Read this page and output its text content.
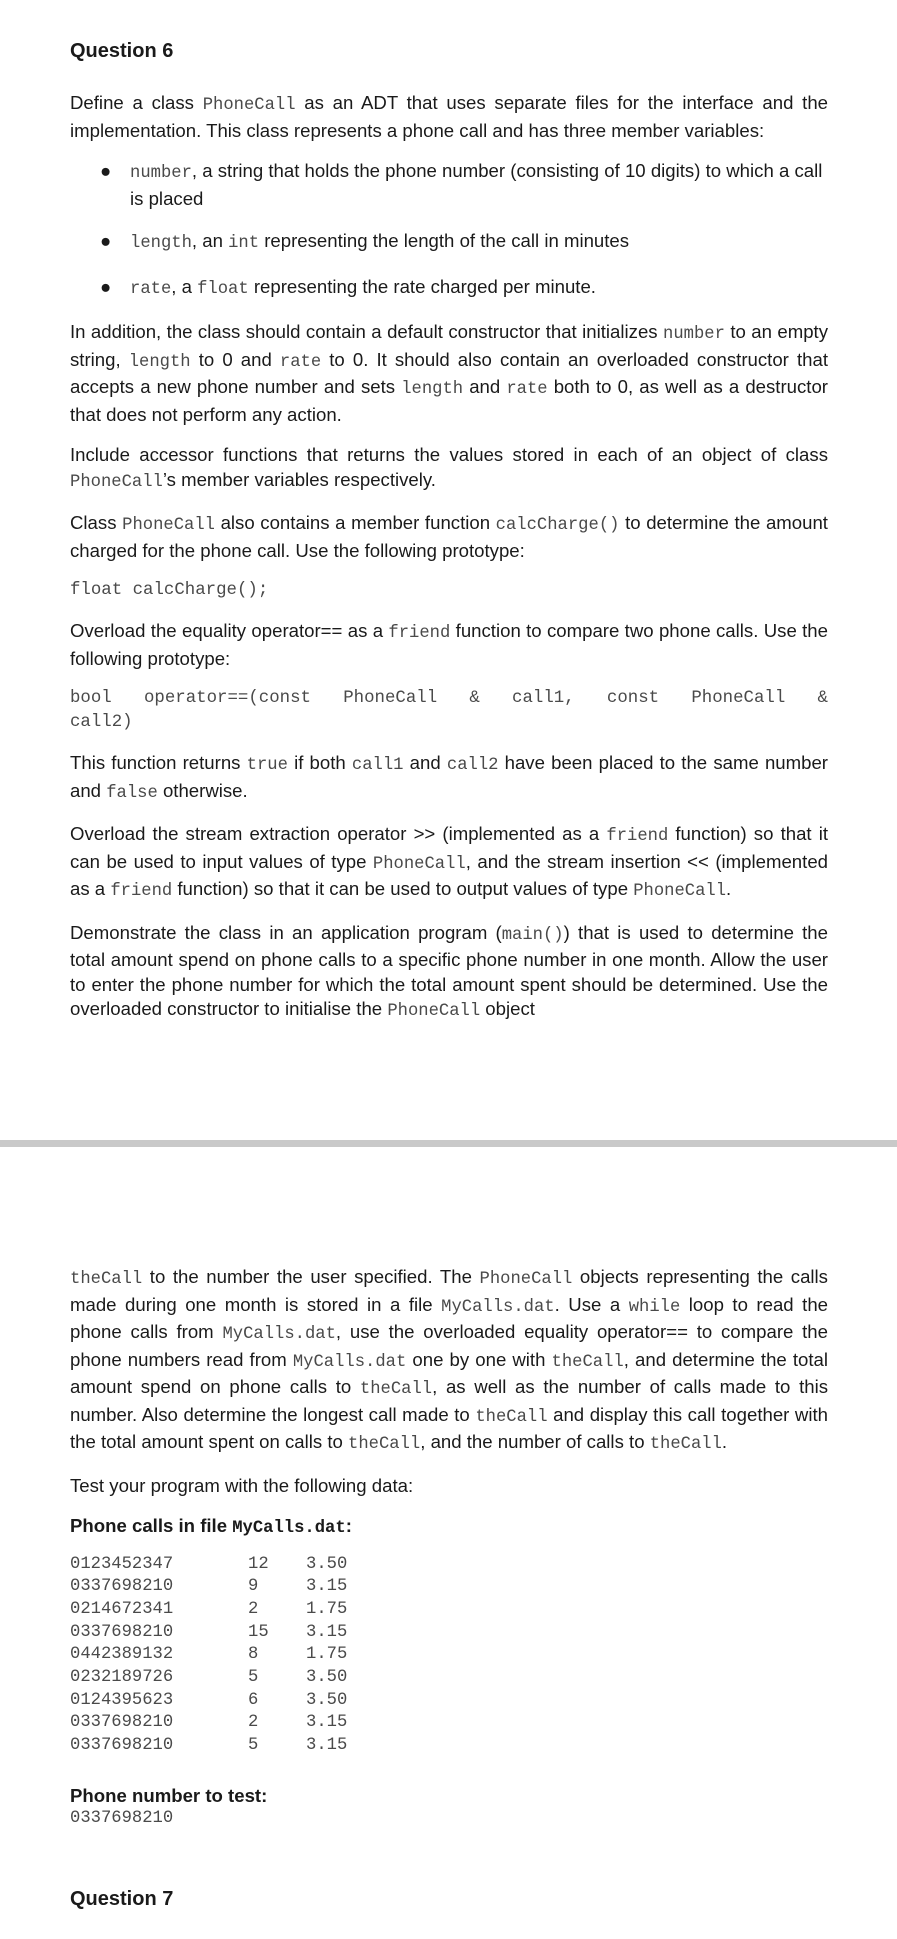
Question 6

Define a class PhoneCall as an ADT that uses separate files for the interface and the implementation. This class represents a phone call and has three member variables:

● number, a string that holds the phone number (consisting of 10 digits) to which a call is placed
● length, an int representing the length of the call in minutes
● rate, a float representing the rate charged per minute.

In addition, the class should contain a default constructor that initializes number to an empty string, length to 0 and rate to 0. It should also contain an overloaded constructor that accepts a new phone number and sets length and rate both to 0, as well as a destructor that does not perform any action.

Include accessor functions that returns the values stored in each of an object of class PhoneCall’s member variables respectively.

Class PhoneCall also contains a member function calcCharge() to determine the amount charged for the phone call. Use the following prototype:

float calcCharge();

Overload the equality operator== as a friend function to compare two phone calls. Use the following prototype:

bool operator==(const PhoneCall & call1, const PhoneCall &
call2)

This function returns true if both call1 and call2 have been placed to the same number and false otherwise.

Overload the stream extraction operator >> (implemented as a friend function) so that it can be used to input values of type PhoneCall, and the stream insertion << (implemented as a friend function) so that it can be used to output values of type PhoneCall.

Demonstrate the class in an application program (main()) that is used to determine the total amount spend on phone calls to a specific phone number in one month. Allow the user to enter the phone number for which the total amount spent should be determined. Use the overloaded constructor to initialise the PhoneCall object

theCall to the number the user specified. The PhoneCall objects representing the calls made during one month is stored in a file MyCalls.dat. Use a while loop to read the phone calls from MyCalls.dat, use the overloaded equality operator== to compare the phone numbers read from MyCalls.dat one by one with theCall, and determine the total amount spend on phone calls to theCall, as well as the number of calls made to this number. Also determine the longest call made to theCall and display this call together with the total amount spent on calls to theCall, and the number of calls to theCall.

Test your program with the following data:

Phone calls in file MyCalls.dat:

0123452347	12	3.50
0337698210	9	3.15
0214672341	2	1.75
0337698210	15	3.15
0442389132	8	1.75
0232189726	5	3.50
0124395623	6	3.50
0337698210	2	3.15
0337698210	5	3.15

Phone number to test:

0337698210
Question 7
